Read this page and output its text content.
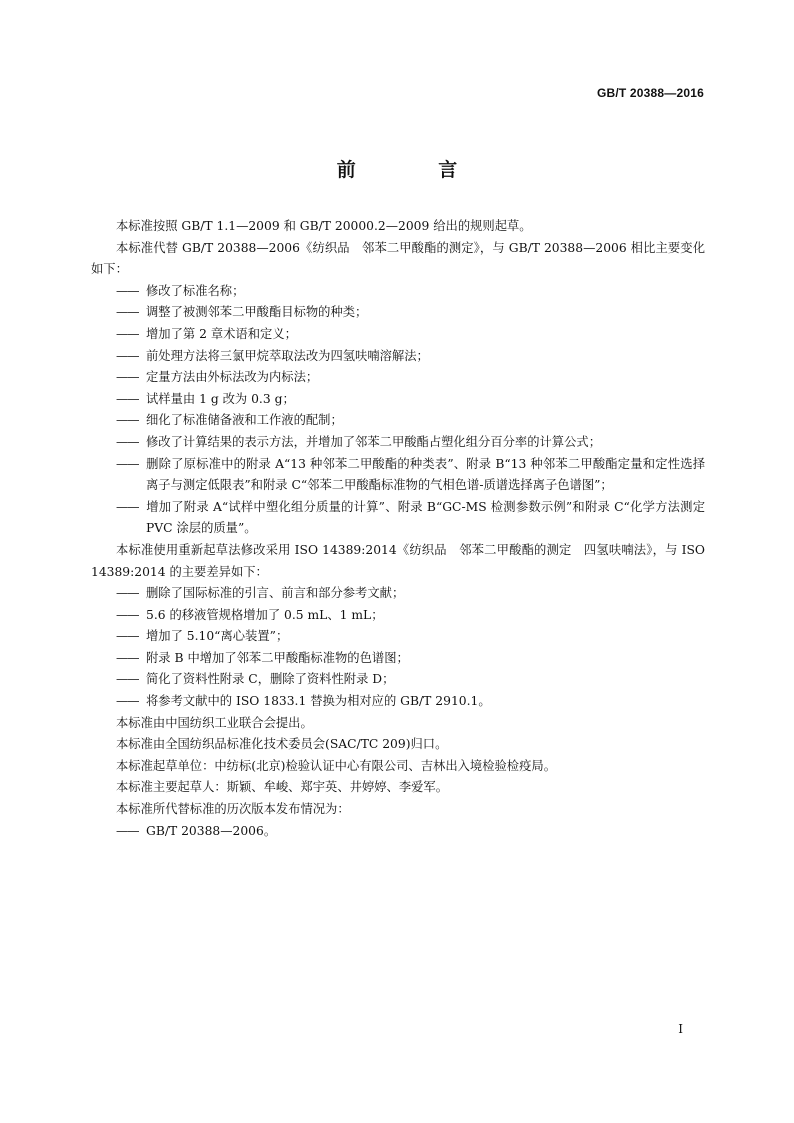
GB/T 20388—2016
前 言

本标准按照 GB/T 1.1—2009 和 GB/T 20000.2—2009 给出的规则起草。

本标准代替 GB/T 20388—2006《纺织品　邻苯二甲酸酯的测定》，与 GB/T 20388—2006 相比主要变化如下：

—— 修改了标准名称；

—— 调整了被测邻苯二甲酸酯目标物的种类；

—— 增加了第 2 章术语和定义；

—— 前处理方法将三氯甲烷萃取法改为四氢呋喃溶解法；

—— 定量方法由外标法改为内标法；

—— 试样量由 1 g 改为 0.3 g；

—— 细化了标准储备液和工作液的配制；

—— 修改了计算结果的表示方法，并增加了邻苯二甲酸酯占塑化组分百分率的计算公式；

—— 删除了原标准中的附录 A“13 种邻苯二甲酸酯的种类表”、附录 B“13 种邻苯二甲酸酯定量和定性选择离子与测定低限表”和附录 C“邻苯二甲酸酯标准物的气相色谱-质谱选择离子色谱图”；

—— 增加了附录 A“试样中塑化组分质量的计算”、附录 B“GC-MS 检测参数示例”和附录 C“化学方法测定 PVC 涂层的质量”。

本标准使用重新起草法修改采用 ISO 14389:2014《纺织品　邻苯二甲酸酯的测定　四氢呋喃法》，与 ISO 14389:2014 的主要差异如下：

—— 删除了国际标准的引言、前言和部分参考文献；

—— 5.6 的移液管规格增加了 0.5 mL、1 mL；

—— 增加了 5.10“离心装置”；

—— 附录 B 中增加了邻苯二甲酸酯标准物的色谱图；

—— 简化了资料性附录 C，删除了资料性附录 D；

—— 将参考文献中的 ISO 1833.1 替换为相对应的 GB/T 2910.1。

本标准由中国纺织工业联合会提出。

本标准由全国纺织品标准化技术委员会(SAC/TC 209)归口。

本标准起草单位：中纺标(北京)检验认证中心有限公司、吉林出入境检验检疫局。

本标准主要起草人：斯颖、牟峻、郑宇英、井婷婷、李爱军。

本标准所代替标准的历次版本发布情况为：

—— GB/T 20388—2006。

I
